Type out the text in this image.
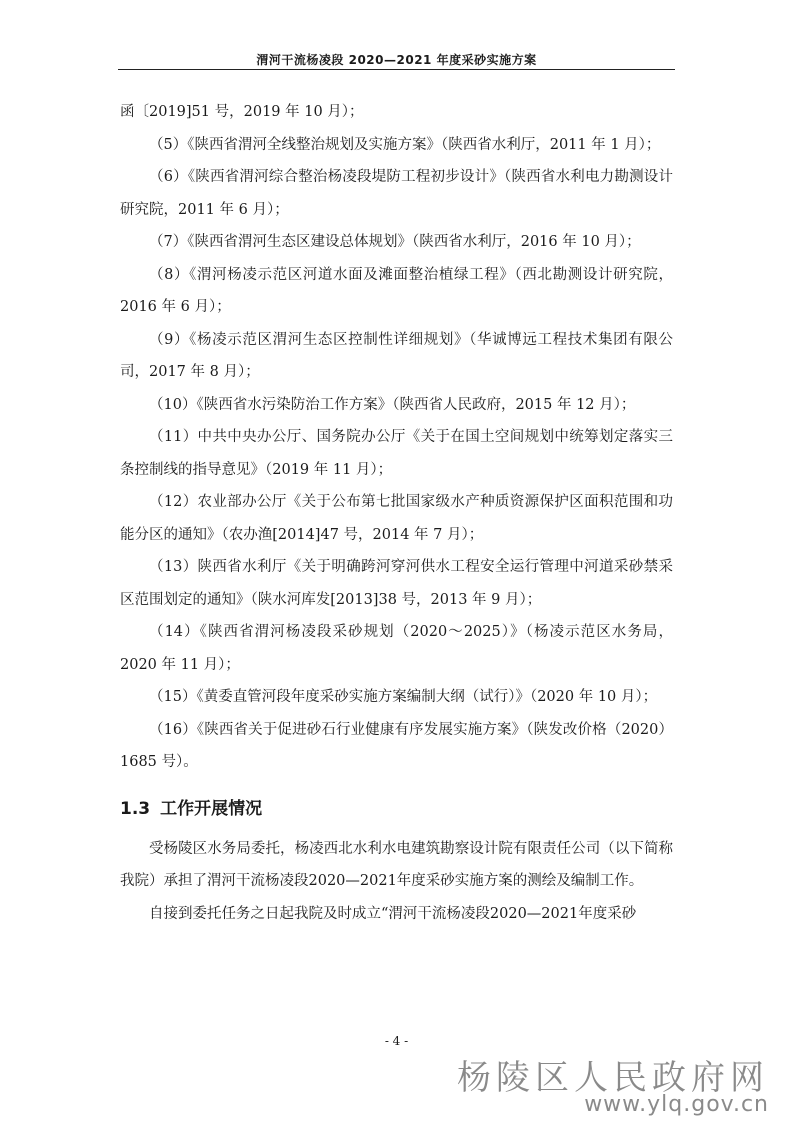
渭河干流杨凌段 2020—2021 年度采砂实施方案

函〔2019]51 号，2019 年 10 月）；

（5）《陕西省渭河全线整治规划及实施方案》（陕西省水利厅，2011 年 1 月）；

（6）《陕西省渭河综合整治杨凌段堤防工程初步设计》（陕西省水利电力勘测设计研究院，2011 年 6 月）；

（7）《陕西省渭河生态区建设总体规划》（陕西省水利厅，2016 年 10 月）；

（8）《渭河杨凌示范区河道水面及滩面整治植绿工程》（西北勘测设计研究院，2016 年 6 月）；

（9）《杨凌示范区渭河生态区控制性详细规划》（华诚博远工程技术集团有限公司，2017 年 8 月）；

（10）《陕西省水污染防治工作方案》（陕西省人民政府，2015 年 12 月）；

（11）中共中央办公厅、国务院办公厅《关于在国土空间规划中统筹划定落实三条控制线的指导意见》（2019 年 11 月）；

（12）农业部办公厅《关于公布第七批国家级水产种质资源保护区面积范围和功能分区的通知》（农办渔[2014]47 号，2014 年 7 月）；

（13）陕西省水利厅《关于明确跨河穿河供水工程安全运行管理中河道采砂禁采区范围划定的通知》（陕水河库发[2013]38 号，2013 年 9 月）；

（14）《陕西省渭河杨凌段采砂规划（2020～2025）》（杨凌示范区水务局，2020 年 11 月）；

（15）《黄委直管河段年度采砂实施方案编制大纲（试行）》（2020 年 10 月）；

（16）《陕西省关于促进砂石行业健康有序发展实施方案》（陕发改价格（2020）1685 号）。

1.3 工作开展情况

受杨陵区水务局委托，杨凌西北水利水电建筑勘察设计院有限责任公司（以下简称我院）承担了渭河干流杨凌段2020—2021年度采砂实施方案的测绘及编制工作。

自接到委托任务之日起我院及时成立“渭河干流杨凌段2020—2021年度采砂

- 4 -
杨陵区人民政府网
www.ylq.gov.cn
